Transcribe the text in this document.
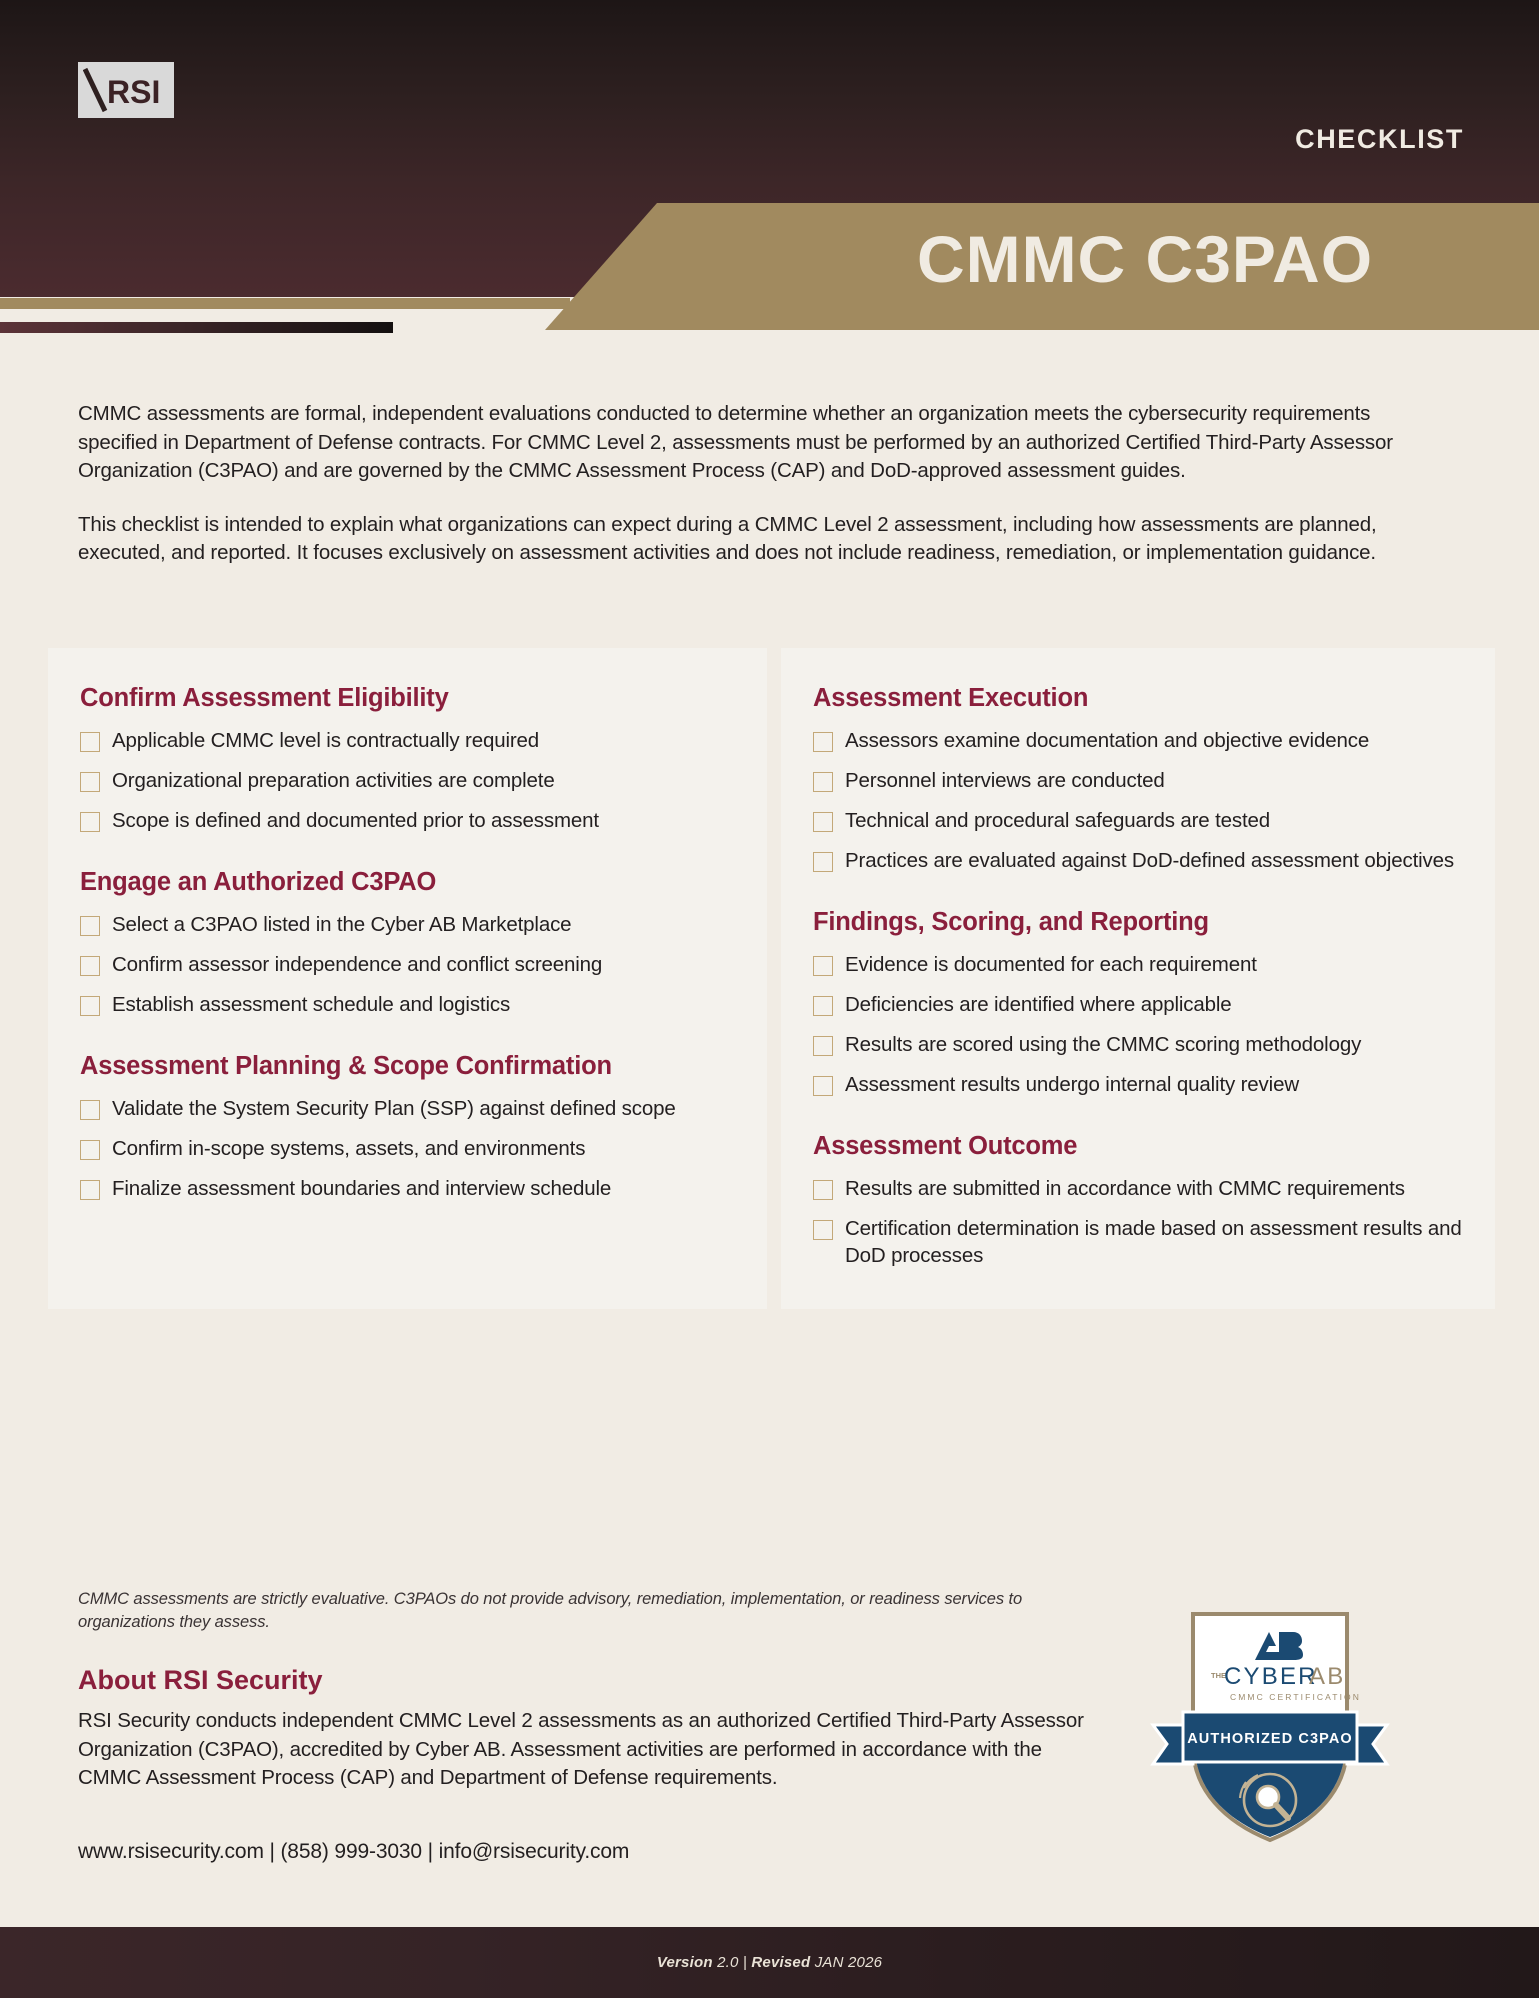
RSI
CHECKLIST
CMMC C3PAO

CMMC assessments are formal, independent evaluations conducted to determine whether an organization meets the cybersecurity requirements specified in Department of Defense contracts. For CMMC Level 2, assessments must be performed by an authorized Certified Third-Party Assessor Organization (C3PAO) and are governed by the CMMC Assessment Process (CAP) and DoD-approved assessment guides.

This checklist is intended to explain what organizations can expect during a CMMC Level 2 assessment, including how assessments are planned, executed, and reported. It focuses exclusively on assessment activities and does not include readiness, remediation, or implementation guidance.

Confirm Assessment Eligibility
Applicable CMMC level is contractually required
Organizational preparation activities are complete
Scope is defined and documented prior to assessment
Engage an Authorized C3PAO
Select a C3PAO listed in the Cyber AB Marketplace
Confirm assessor independence and conflict screening
Establish assessment schedule and logistics
Assessment Planning & Scope Confirmation
Validate the System Security Plan (SSP) against defined scope
Confirm in-scope systems, assets, and environments
Finalize assessment boundaries and interview schedule
Assessment Execution
Assessors examine documentation and objective evidence
Personnel interviews are conducted
Technical and procedural safeguards are tested
Practices are evaluated against DoD-defined assessment objectives
Findings, Scoring, and Reporting
Evidence is documented for each requirement
Deficiencies are identified where applicable
Results are scored using the CMMC scoring methodology
Assessment results undergo internal quality review
Assessment Outcome
Results are submitted in accordance with CMMC requirements
Certification determination is made based on assessment results and DoD processes
CMMC assessments are strictly evaluative. C3PAOs do not provide advisory, remediation, implementation, or readiness services to organizations they assess.
About RSI Security
RSI Security conducts independent CMMC Level 2 assessments as an authorized Certified Third-Party Assessor Organization (C3PAO), accredited by Cyber AB. Assessment activities are performed in accordance with the CMMC Assessment Process (CAP) and Department of Defense requirements.
www.rsisecurity.com | (858) 999-3030 | info@rsisecurity.com
THE
CYBER
AB
CMMC CERTIFICATION
AUTHORIZED C3PAO
Version 2.0 | Revised JAN 2026
